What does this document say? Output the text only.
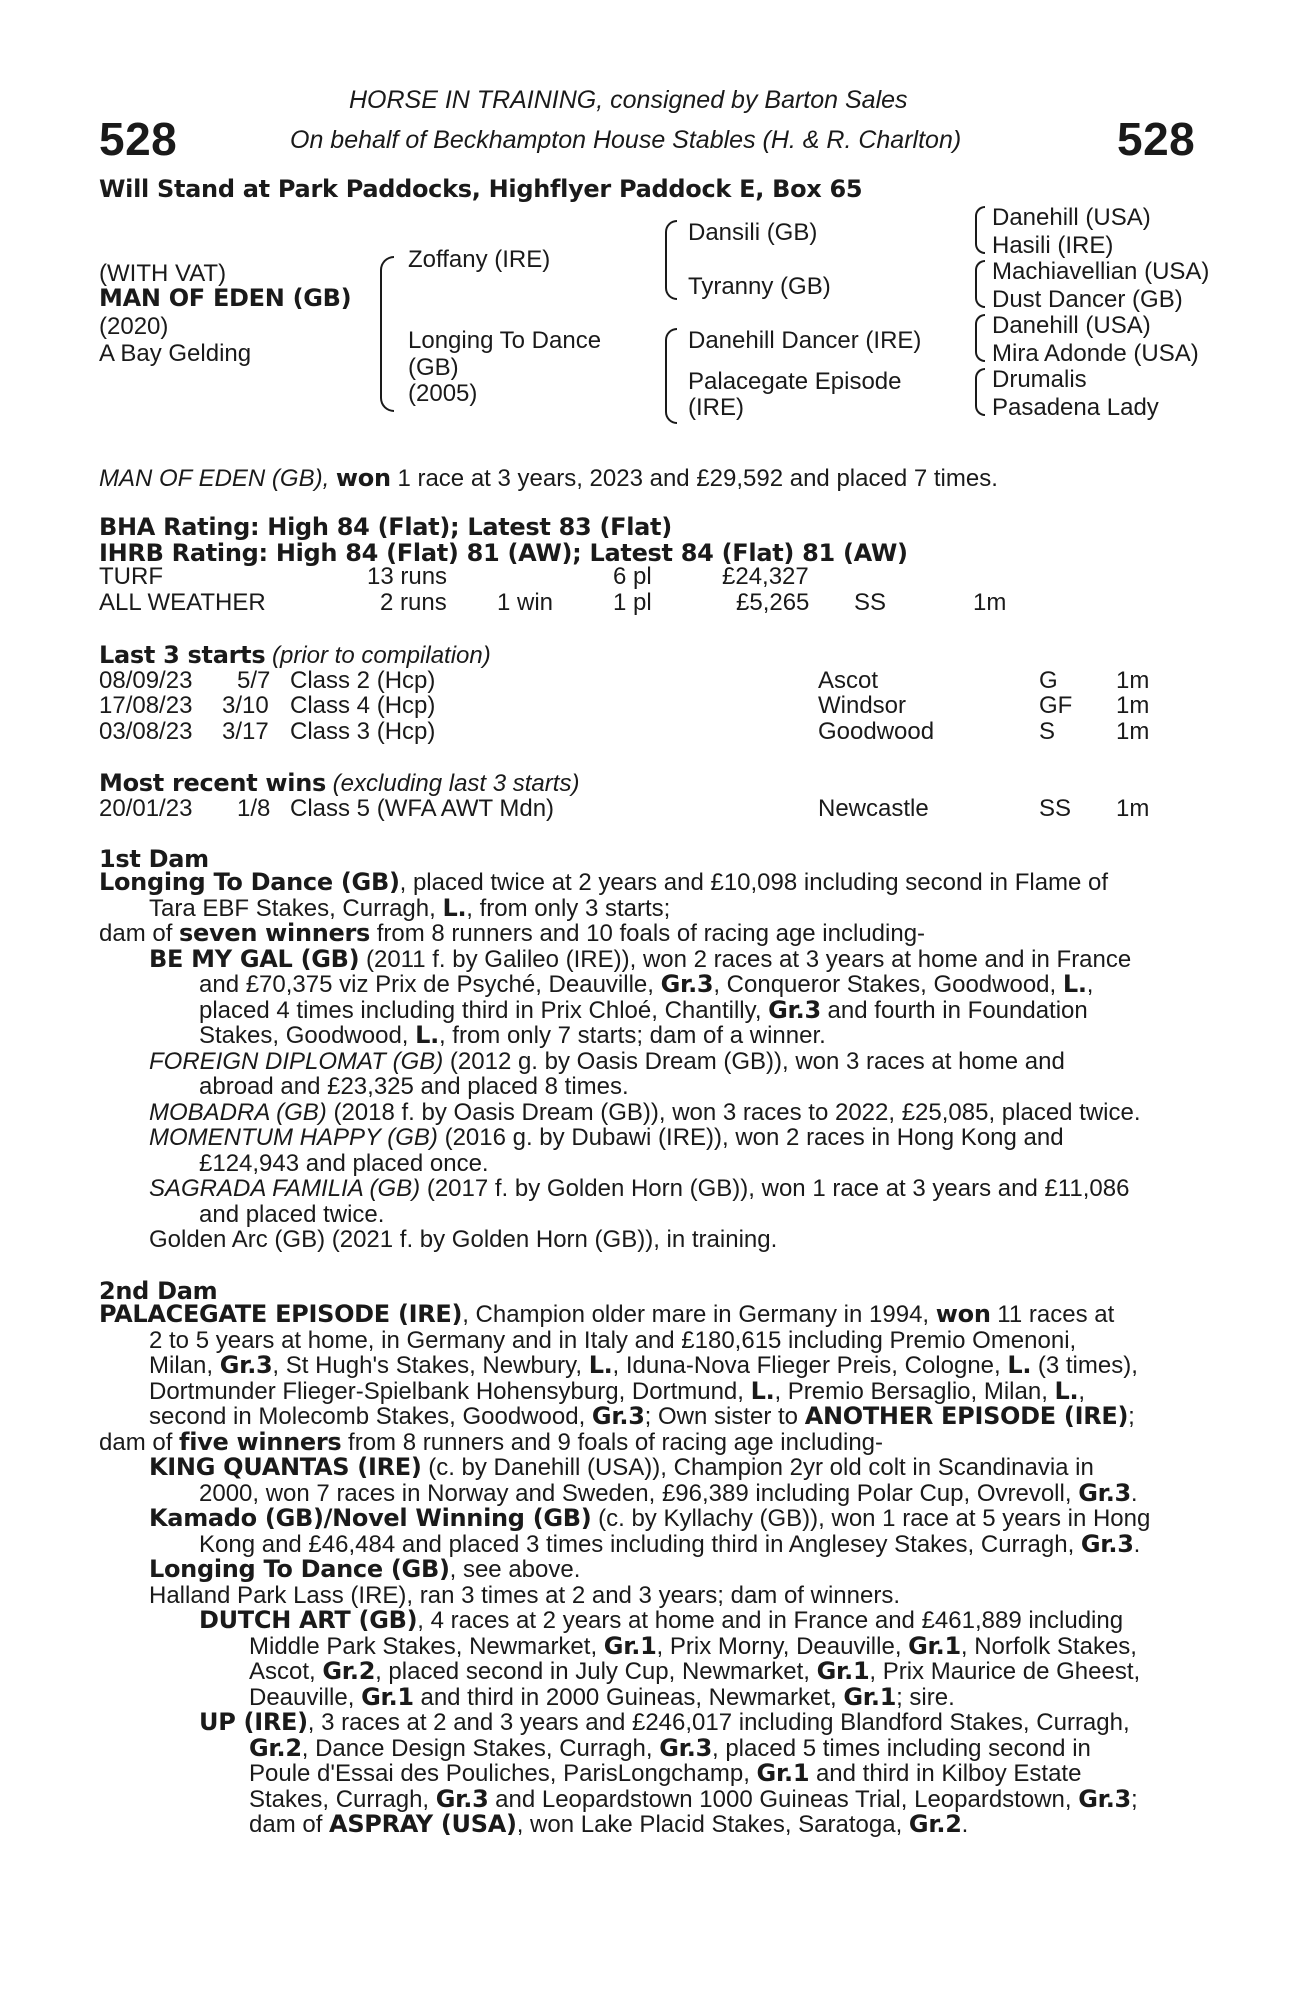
528	528
HORSE IN TRAINING, consigned by Barton Sales
On behalf of Beckhampton House Stables (H. & R. Charlton)
Will Stand at Park Paddocks, Highflyer Paddock E, Box 65
(WITH VAT)
MAN OF EDEN (GB)
(2020)
A Bay Gelding
Zoffany (IRE)
Longing To Dance
(GB)
(2005)
Dansili (GB)
Tyranny (GB)
Danehill Dancer (IRE)
Palacegate Episode
(IRE)
Danehill (USA)
Hasili (IRE)
Machiavellian (USA)
Dust Dancer (GB)
Danehill (USA)
Mira Adonde (USA)
Drumalis
Pasadena Lady
MAN OF EDEN (GB), won 1 race at 3 years, 2023 and £29,592 and placed 7 times.
BHA Rating: High 84 (Flat); Latest 83 (Flat)
IHRB Rating: High 84 (Flat) 81 (AW); Latest 84 (Flat) 81 (AW)
TURF	13 runs	6 pl	£24,327
ALL WEATHER	2 runs 1 win 1 pl	£5,265 SS	1m
Last 3 starts (prior to compilation)
08/09/23 5/7 Class 2 (Hcp)	Ascot	G 1m
17/08/23 3/10 Class 4 (Hcp)	Windsor	GF 1m
03/08/23 3/17 Class 3 (Hcp)	Goodwood	S	1m
Most recent wins (excluding last 3 starts)
20/01/23 1/8 Class 5 (WFA AWT Mdn)	Newcastle	SS 1m
1st Dam
Longing To Dance (GB), placed twice at 2 years and £10,098 including second in Flame of
Tara EBF Stakes, Curragh, L., from only 3 starts;
dam of seven winners from 8 runners and 10 foals of racing age including-
BE MY GAL (GB) (2011 f. by Galileo (IRE)), won 2 races at 3 years at home and in France
and £70,375 viz Prix de Psyché, Deauville, Gr.3, Conqueror Stakes, Goodwood, L.,
placed 4 times including third in Prix Chloé, Chantilly, Gr.3 and fourth in Foundation
Stakes, Goodwood, L., from only 7 starts; dam of a winner.
FOREIGN DIPLOMAT (GB) (2012 g. by Oasis Dream (GB)), won 3 races at home and
abroad and £23,325 and placed 8 times.
MOBADRA (GB) (2018 f. by Oasis Dream (GB)), won 3 races to 2022, £25,085, placed twice.
MOMENTUM HAPPY (GB) (2016 g. by Dubawi (IRE)), won 2 races in Hong Kong and
£124,943 and placed once.
SAGRADA FAMILIA (GB) (2017 f. by Golden Horn (GB)), won 1 race at 3 years and £11,086
and placed twice.
Golden Arc (GB) (2021 f. by Golden Horn (GB)), in training.
2nd Dam
PALACEGATE EPISODE (IRE), Champion older mare in Germany in 1994, won 11 races at
2 to 5 years at home, in Germany and in Italy and £180,615 including Premio Omenoni,
Milan, Gr.3, St Hugh's Stakes, Newbury, L., Iduna-Nova Flieger Preis, Cologne, L. (3 times),
Dortmunder Flieger-Spielbank Hohensyburg, Dortmund, L., Premio Bersaglio, Milan, L.,
second in Molecomb Stakes, Goodwood, Gr.3; Own sister to ANOTHER EPISODE (IRE);
dam of five winners from 8 runners and 9 foals of racing age including-
KING QUANTAS (IRE) (c. by Danehill (USA)), Champion 2yr old colt in Scandinavia in
2000, won 7 races in Norway and Sweden, £96,389 including Polar Cup, Ovrevoll, Gr.3.
Kamado (GB)/Novel Winning (GB) (c. by Kyllachy (GB)), won 1 race at 5 years in Hong
Kong and £46,484 and placed 3 times including third in Anglesey Stakes, Curragh, Gr.3.
Longing To Dance (GB), see above.
Halland Park Lass (IRE), ran 3 times at 2 and 3 years; dam of winners.
DUTCH ART (GB), 4 races at 2 years at home and in France and £461,889 including
Middle Park Stakes, Newmarket, Gr.1, Prix Morny, Deauville, Gr.1, Norfolk Stakes,
Ascot, Gr.2, placed second in July Cup, Newmarket, Gr.1, Prix Maurice de Gheest,
Deauville, Gr.1 and third in 2000 Guineas, Newmarket, Gr.1; sire.
UP (IRE), 3 races at 2 and 3 years and £246,017 including Blandford Stakes, Curragh,
Gr.2, Dance Design Stakes, Curragh, Gr.3, placed 5 times including second in
Poule d'Essai des Pouliches, ParisLongchamp, Gr.1 and third in Kilboy Estate
Stakes, Curragh, Gr.3 and Leopardstown 1000 Guineas Trial, Leopardstown, Gr.3;
dam of ASPRAY (USA), won Lake Placid Stakes, Saratoga, Gr.2.
